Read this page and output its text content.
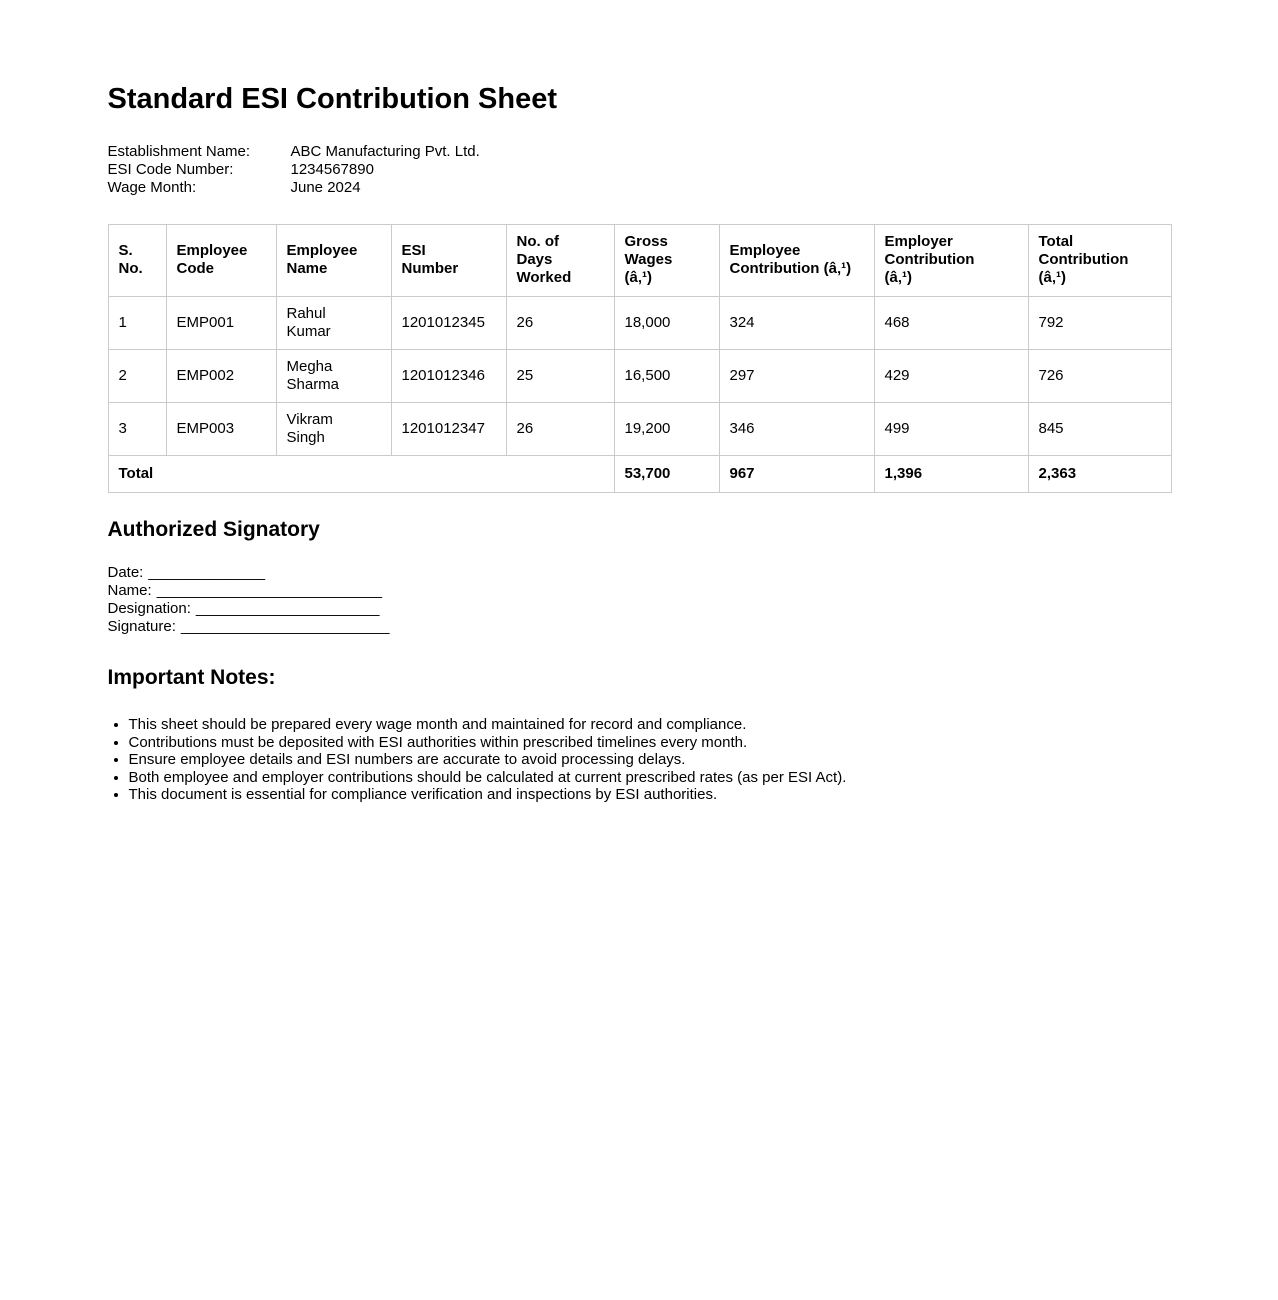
Standard ESI Contribution Sheet
Establishment Name:	ABC Manufacturing Pvt. Ltd.
ESI Code Number:	1234567890
Wage Month:	June 2024
S. No.	Employee Code	Employee Name	ESI Number	No. of Days Worked	Gross Wages (â‚¹)	Employee Contribution (â‚¹)	Employer Contribution (â‚¹)	Total Contribution (â‚¹)

1	EMP001	Rahul Kumar	1201012345	26	18,000	324	468	792
2	EMP002	Megha Sharma	1201012346	25	16,500	297	429	726
3	EMP003	Vikram Singh	1201012347	26	19,200	346	499	845
Total					53,700	967	1,396	2,363
Authorized Signatory
Date: ______________
Name: ___________________________
Designation: ______________________
Signature: _________________________
Important Notes:
• This sheet should be prepared every wage month and maintained for record and compliance.
• Contributions must be deposited with ESI authorities within prescribed timelines every month.
• Ensure employee details and ESI numbers are accurate to avoid processing delays.
• Both employee and employer contributions should be calculated at current prescribed rates (as per ESI Act).
• This document is essential for compliance verification and inspections by ESI authorities.
